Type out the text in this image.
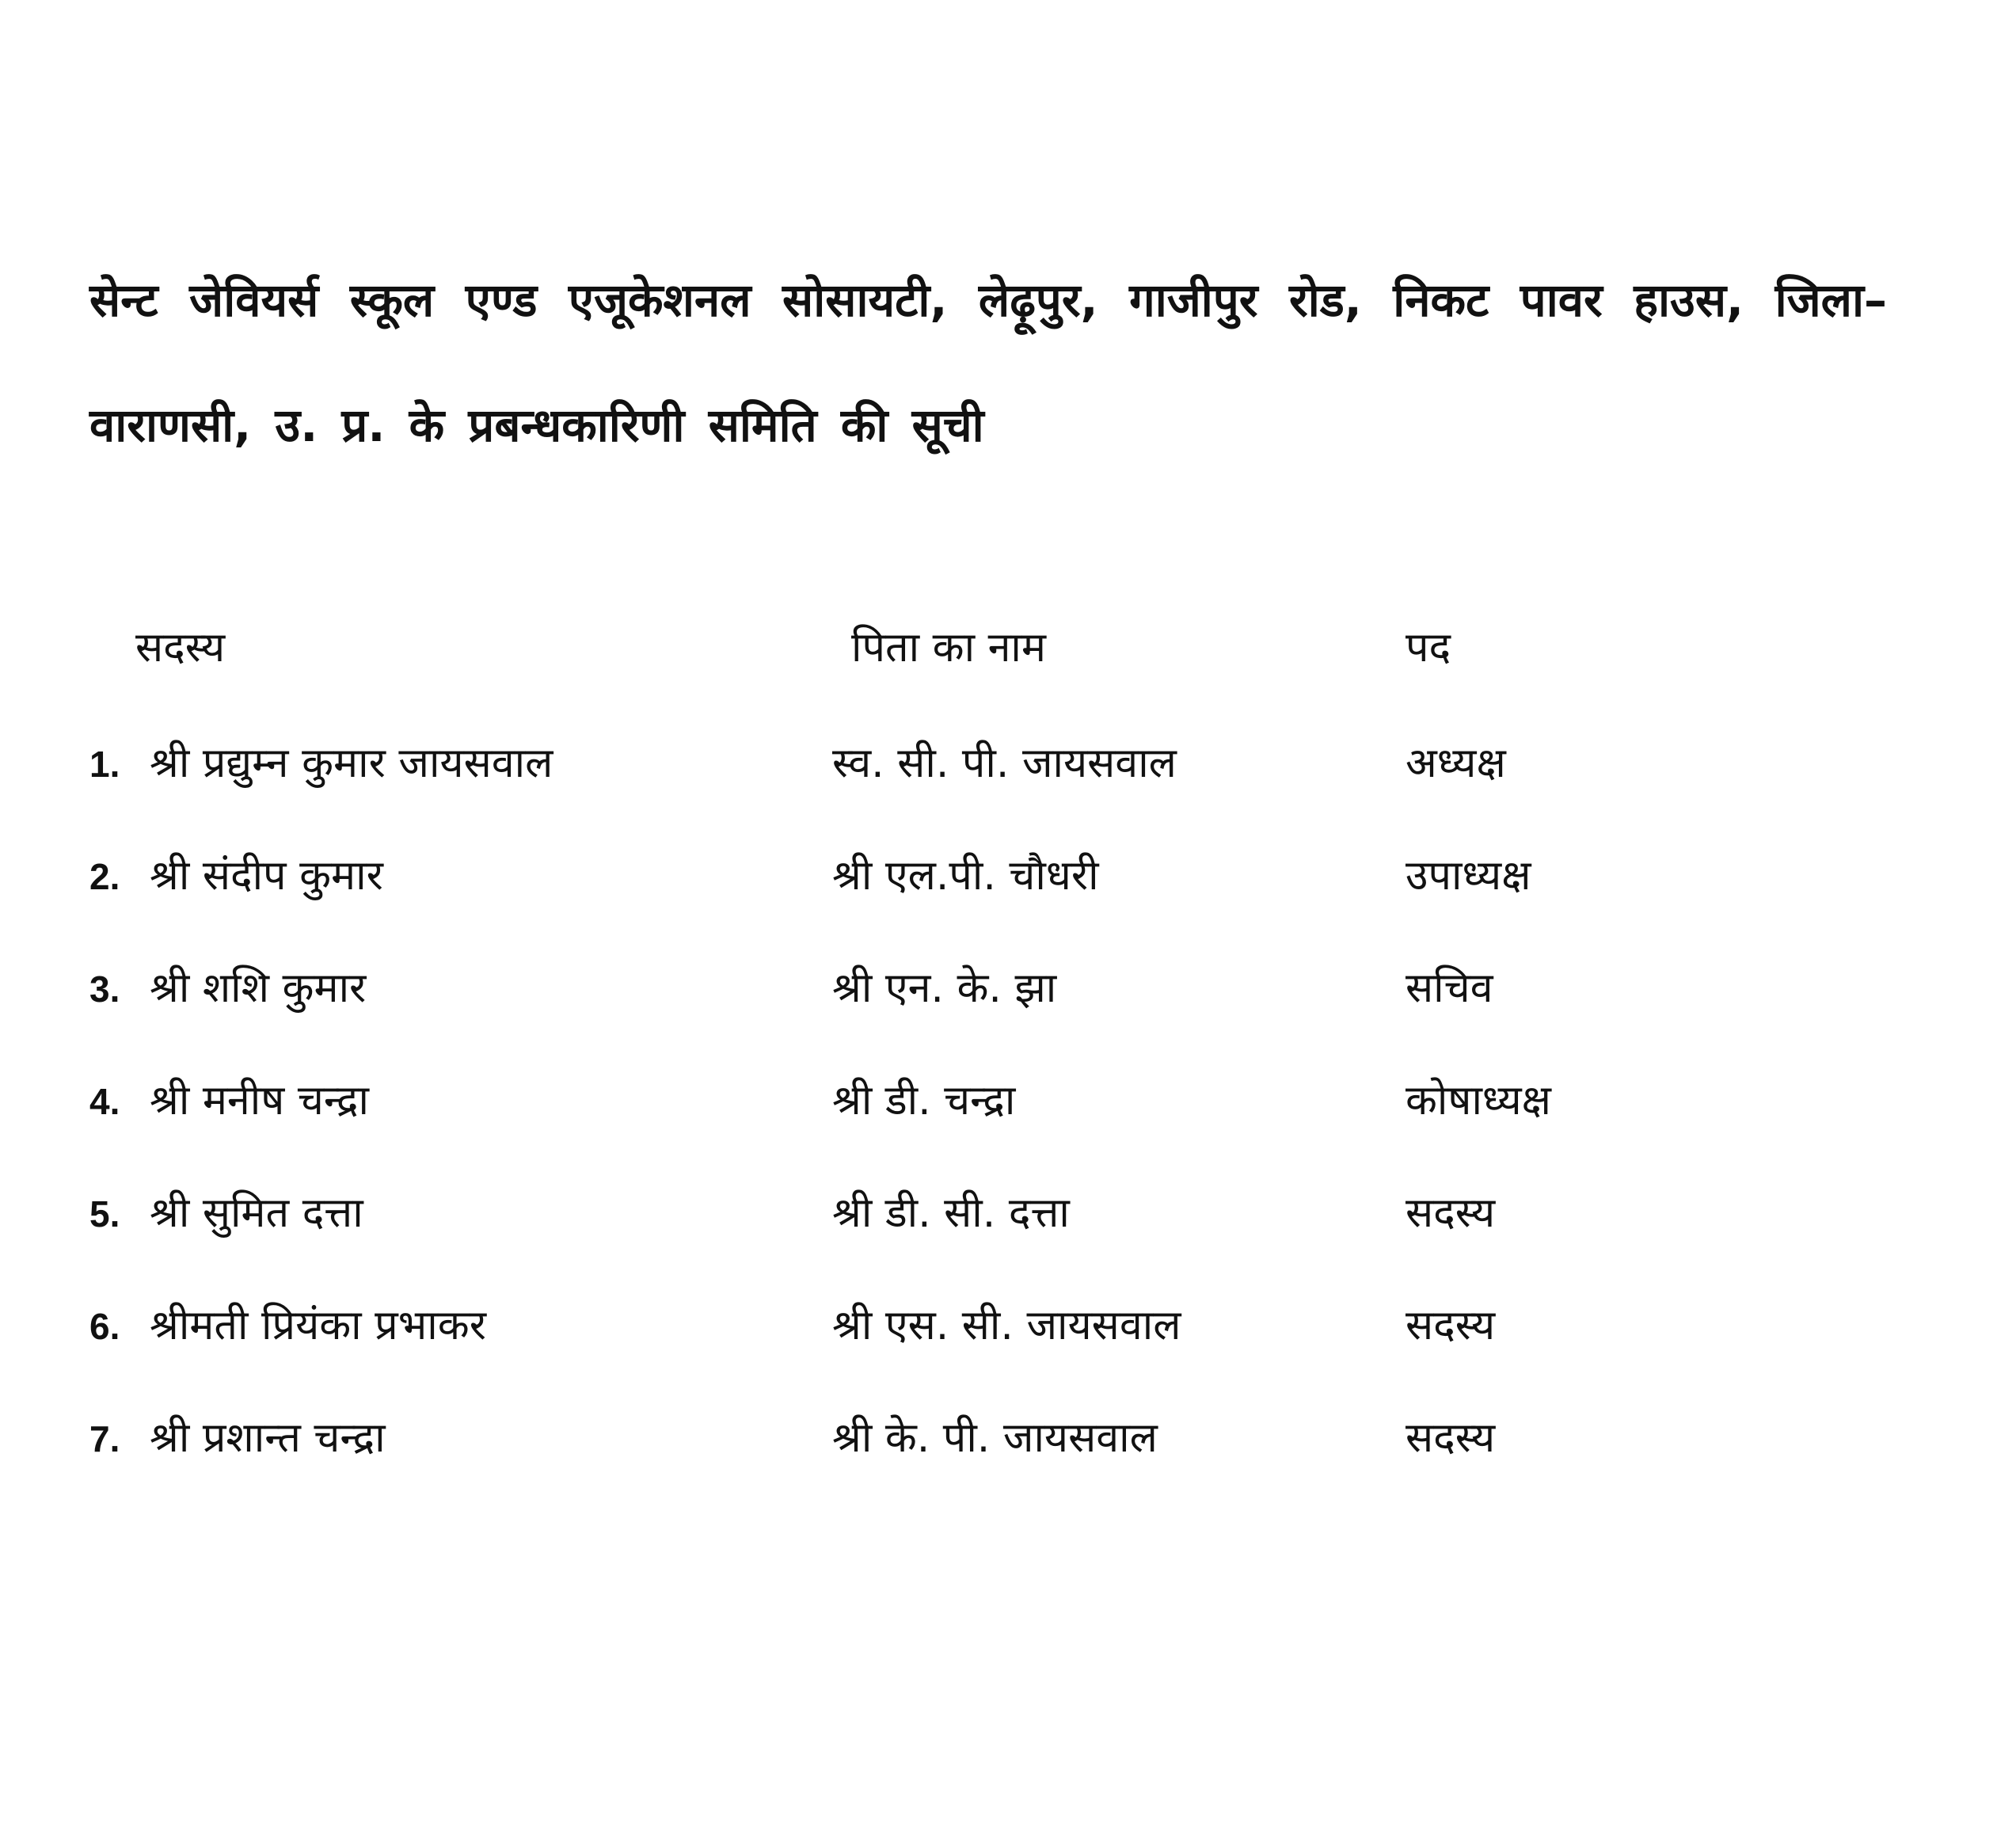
सेन्ट जेवियर्स स्कूल एण्ड एजूकेशनल सोसायटी, लेढ़ूपुर, गाजीपुर रोड, निकट पावर हाउस, जिला–वाराणसी, उ. प्र. के प्रबन्धकारिणी समिति की सूची

सदस्य	पिता का नाम	पद
1. श्री प्रद्युम्न कुमार जायसवाल	स्व. सी. पी. जायसवाल	अध्यक्ष
2. श्री संदीप कुमार	श्री एल.पी. चौधरी	उपाध्यक्ष
3. श्री शशि कुमार	श्री एन. के. झा	सचिव
4. श्री मनीष चन्द्रा	श्री डी. चन्द्रा	कोषाध्यक्ष
5. श्री सुमित दत्ता	श्री डी. सी. दत्ता	सदस्य
6. श्रीमती प्रियंका प्रभाकर	श्री एस. सी. जायसवाल	सदस्य
7. श्री प्रशान्त चन्द्रा	श्री के. पी. जायसवाल	सदस्य
